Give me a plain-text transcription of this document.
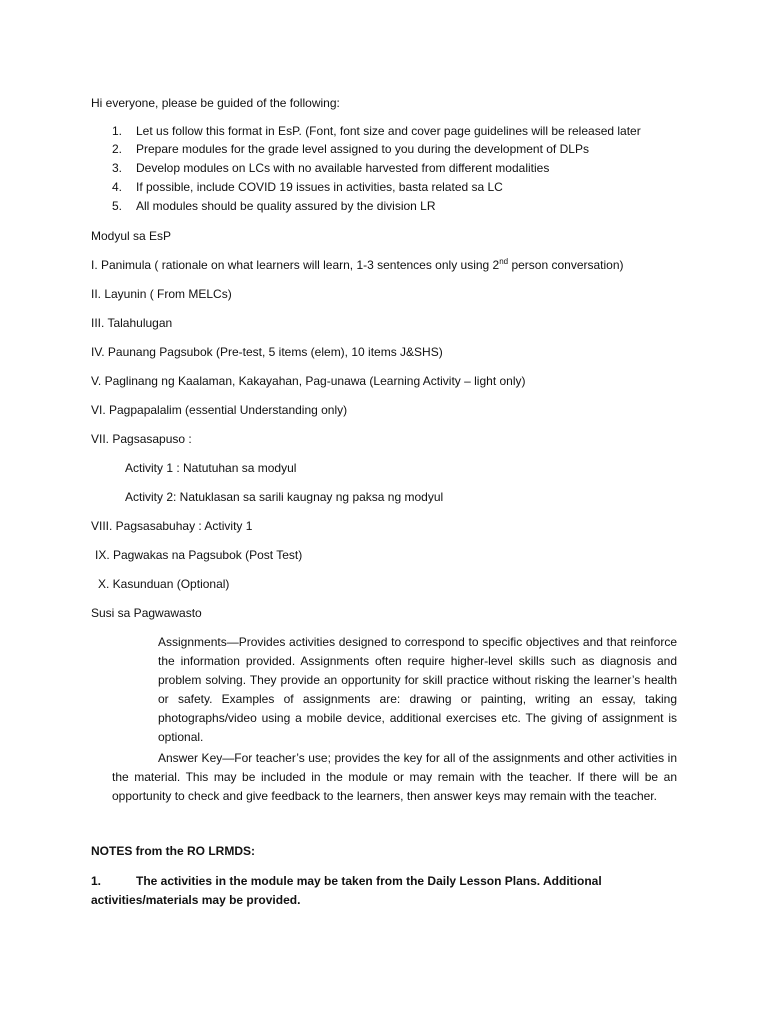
Hi everyone, please be guided of the following:
1. Let us follow this format in EsP. (Font, font size and cover page guidelines will be released later
2. Prepare modules for the grade level assigned to you during the development of DLPs
3. Develop modules on LCs with no available harvested from different modalities
4. If possible, include COVID 19 issues in activities, basta related sa LC
5. All modules should be quality assured by the division LR
Modyul sa EsP
I. Panimula ( rationale on what learners will learn, 1-3 sentences only using 2nd person conversation)
II. Layunin ( From MELCs)
III. Talahulugan
IV. Paunang Pagsubok (Pre-test, 5 items (elem), 10 items J&SHS)
V. Paglinang ng Kaalaman, Kakayahan, Pag-unawa (Learning Activity – light only)
VI. Pagpapalalim (essential Understanding only)
VII. Pagsasapuso :
Activity 1 : Natutuhan sa modyul
Activity 2: Natuklasan sa sarili kaugnay ng paksa ng modyul
VIII. Pagsasabuhay : Activity 1
IX. Pagwakas na Pagsubok (Post Test)
X. Kasunduan (Optional)
Susi sa Pagwawasto
Assignments—Provides activities designed to correspond to specific objectives and that reinforce the information provided. Assignments often require higher-level skills such as diagnosis and problem solving. They provide an opportunity for skill practice without risking the learner’s health or safety. Examples of assignments are: drawing or painting, writing an essay, taking photographs/video using a mobile device, additional exercises etc. The giving of assignment is optional.
Answer Key—For teacher’s use; provides the key for all of the assignments and other activities in the material. This may be included in the module or may remain with the teacher. If there will be an opportunity to check and give feedback to the learners, then answer keys may remain with the teacher.
NOTES from the RO LRMDS:
1.	The activities in the module may be taken from the Daily Lesson Plans. Additional
activities/materials may be provided.
